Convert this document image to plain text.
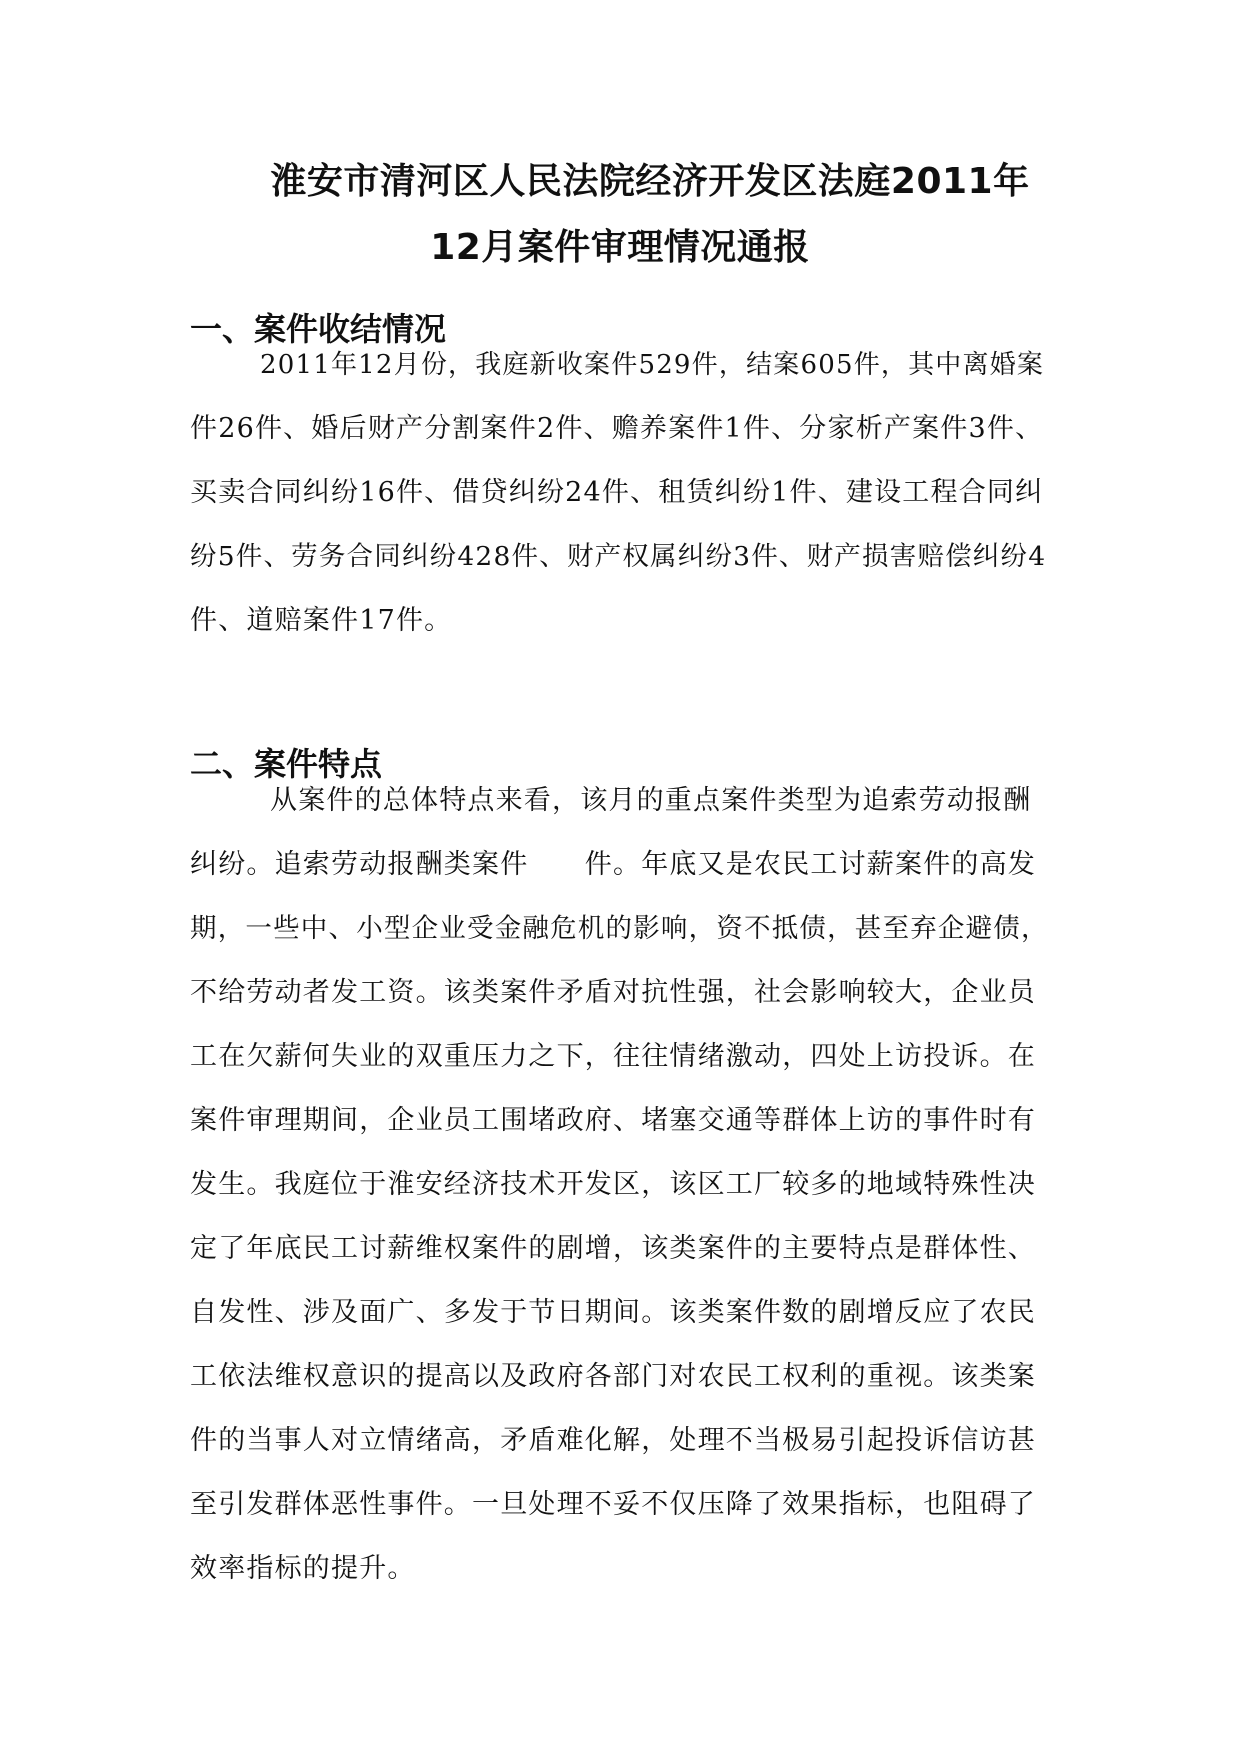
淮安市清河区人民法院经济开发区法庭2011年
12月案件审理情况通报
一、案件收结情况
2011年12月份，我庭新收案件529件，结案605件，其中离婚案
件26件、婚后财产分割案件2件、赡养案件1件、分家析产案件3件、
买卖合同纠纷16件、借贷纠纷24件、租赁纠纷1件、建设工程合同纠
纷5件、劳务合同纠纷428件、财产权属纠纷3件、财产损害赔偿纠纷4
件、道赔案件17件。
二、案件特点
从案件的总体特点来看，该月的重点案件类型为追索劳动报酬
纠纷。追索劳动报酬类案件　　件。年底又是农民工讨薪案件的高发
期，一些中、小型企业受金融危机的影响，资不抵债，甚至弃企避债，
不给劳动者发工资。该类案件矛盾对抗性强，社会影响较大，企业员
工在欠薪何失业的双重压力之下，往往情绪激动，四处上访投诉。在
案件审理期间，企业员工围堵政府、堵塞交通等群体上访的事件时有
发生。我庭位于淮安经济技术开发区，该区工厂较多的地域特殊性决
定了年底民工讨薪维权案件的剧增，该类案件的主要特点是群体性、
自发性、涉及面广、多发于节日期间。该类案件数的剧增反应了农民
工依法维权意识的提高以及政府各部门对农民工权利的重视。该类案
件的当事人对立情绪高，矛盾难化解，处理不当极易引起投诉信访甚
至引发群体恶性事件。一旦处理不妥不仅压降了效果指标，也阻碍了
效率指标的提升。
